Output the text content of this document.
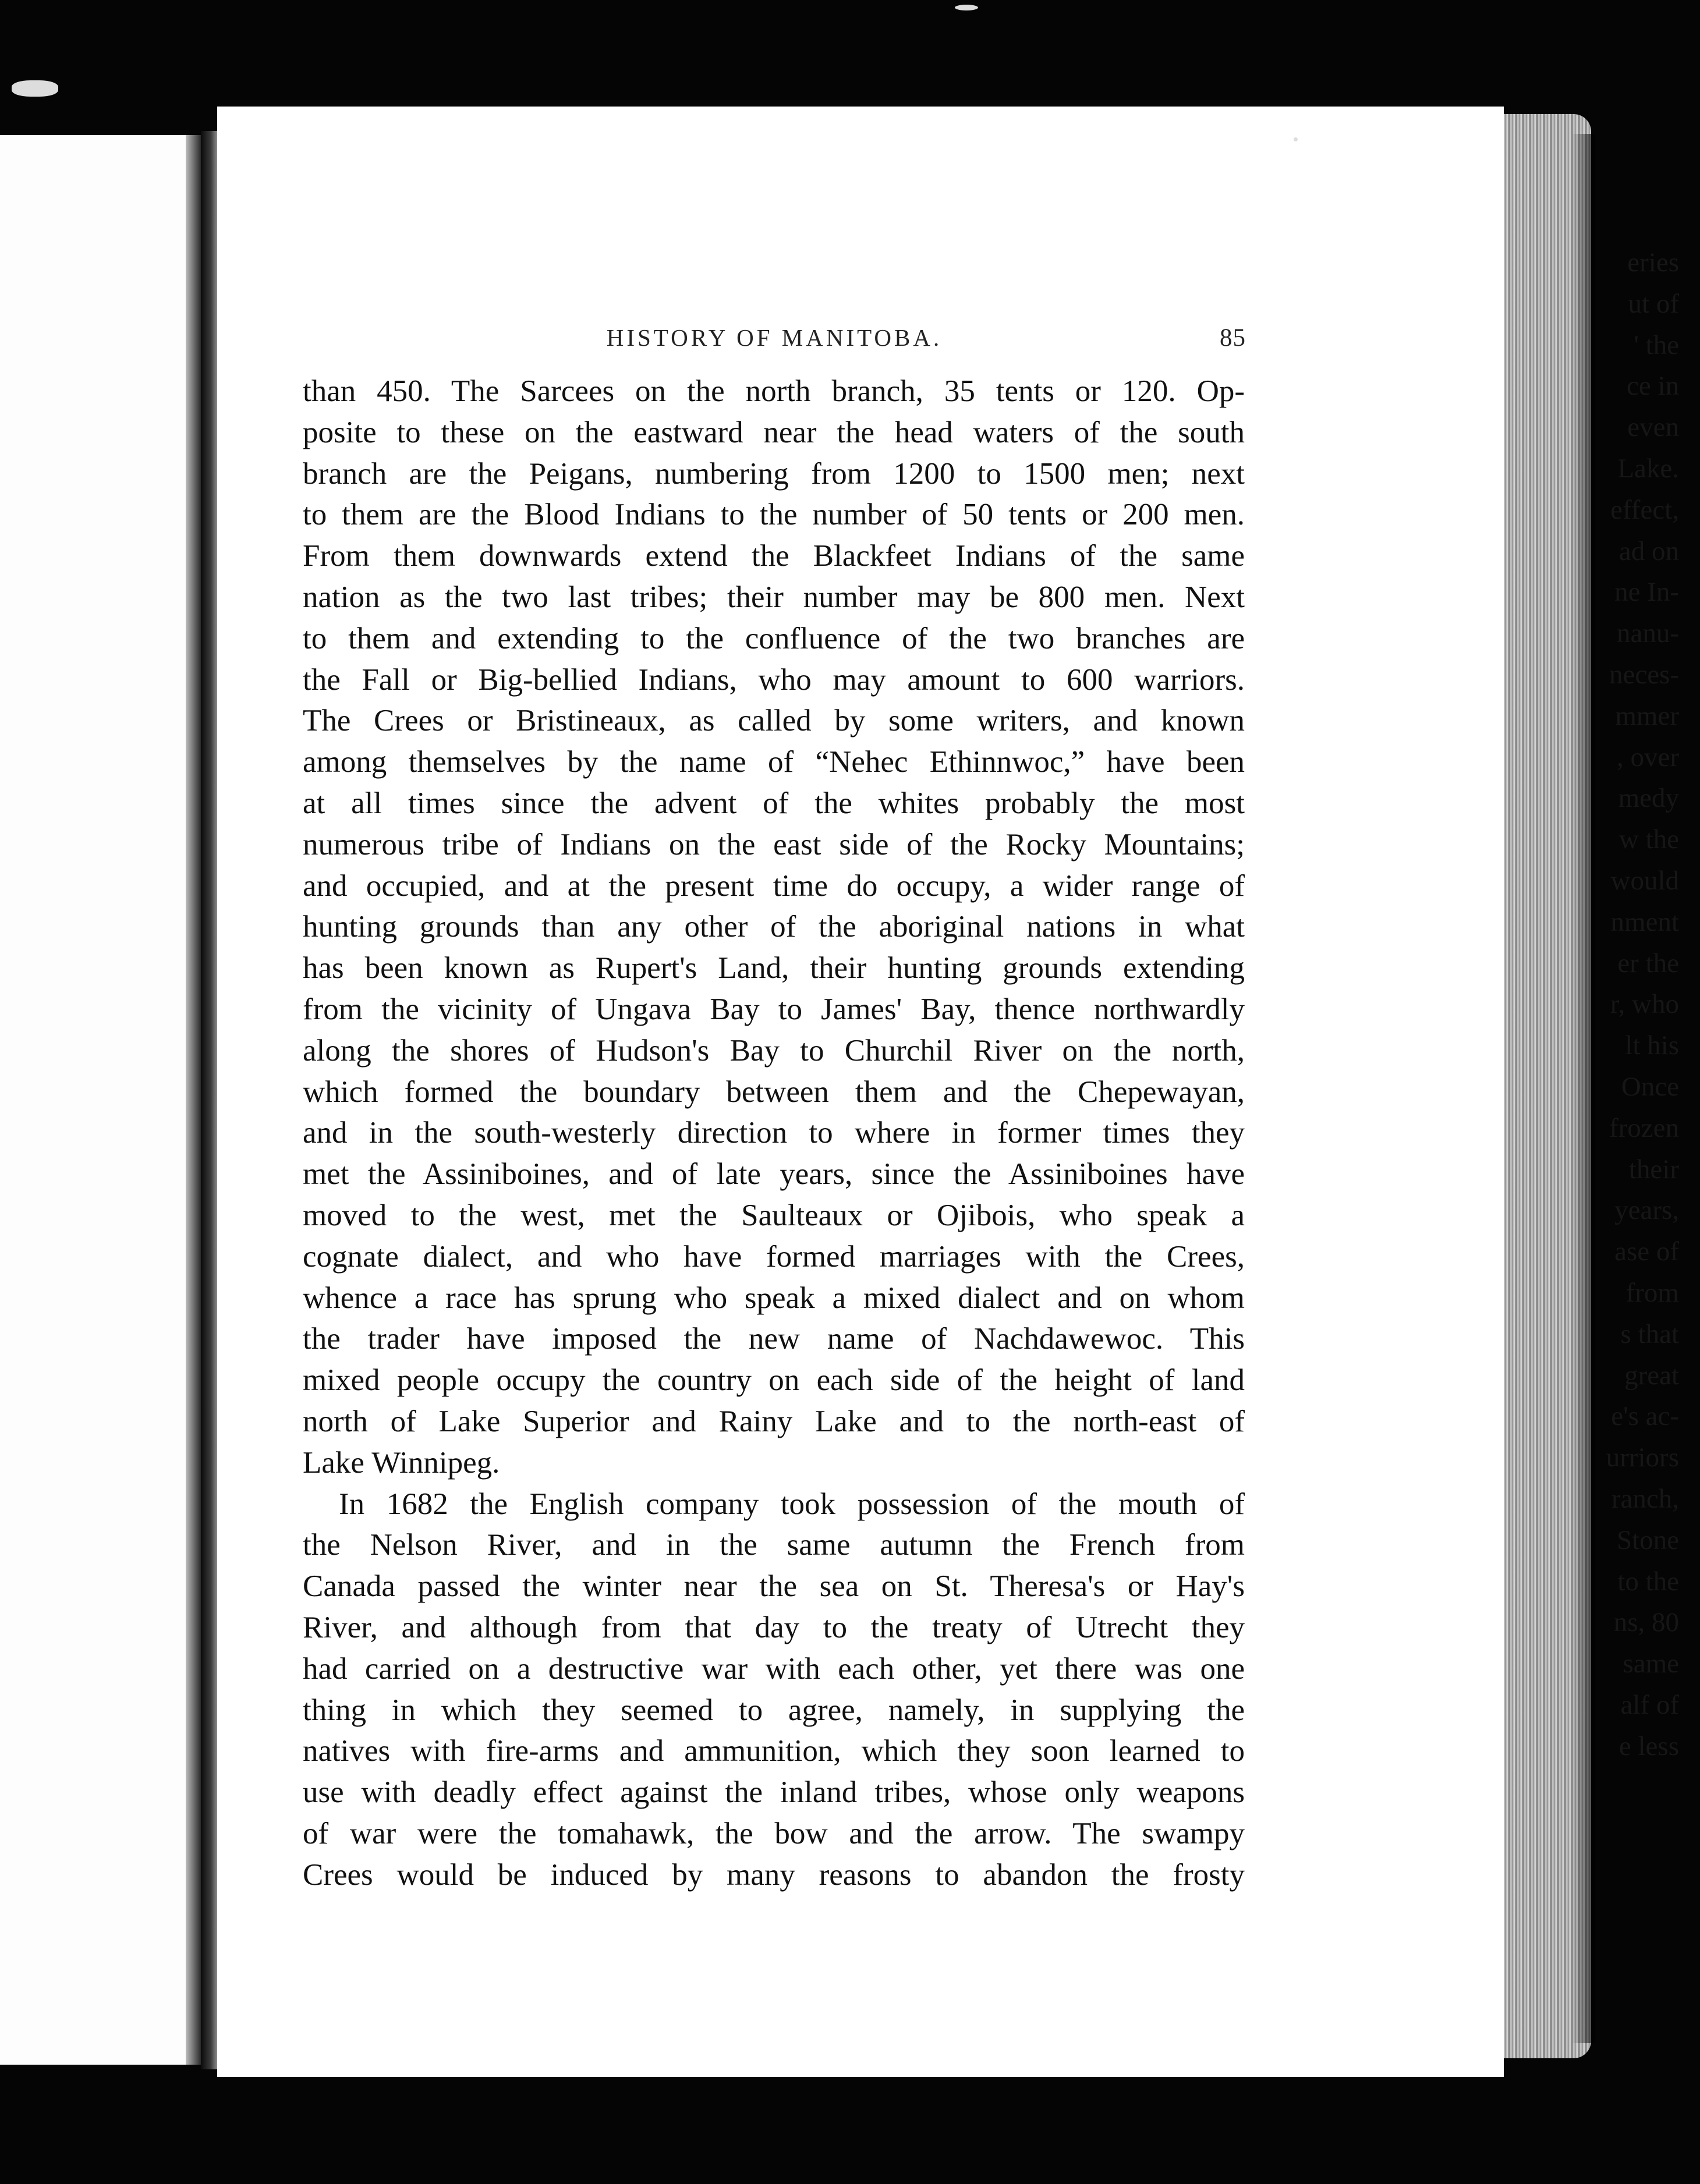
eries
ut of
' the
ce in
even
Lake.
effect,
ad on
ne In-
nanu-
neces-
mmer
, over
medy
w the
would
nment
er the
r, who
lt his
Once
frozen
their
years,
ase of
from
s that
great
e's ac-
urriors
ranch,
Stone
to the
ns, 80
same
alf of
e less
HISTORY OF MANITOBA.	85
than 450. The Sarcees on the north branch, 35 tents or 120. Op-
posite to these on the eastward near the head waters of the south
branch are the Peigans, numbering from 1200 to 1500 men; next
to them are the Blood Indians to the number of 50 tents or 200 men.
From them downwards extend the Blackfeet Indians of the same
nation as the two last tribes; their number may be 800 men. Next
to them and extending to the confluence of the two branches are
the Fall or Big-bellied Indians, who may amount to 600 warriors.
The Crees or Bristineaux, as called by some writers, and known
among themselves by the name of “Nehec Ethinnwoc,” have been
at all times since the advent of the whites probably the most
numerous tribe of Indians on the east side of the Rocky Mountains;
and occupied, and at the present time do occupy, a wider range of
hunting grounds than any other of the aboriginal nations in what
has been known as Rupert's Land, their hunting grounds extending
from the vicinity of Ungava Bay to James' Bay, thence northwardly
along the shores of Hudson's Bay to Churchil River on the north,
which formed the boundary between them and the Chepewayan,
and in the south-westerly direction to where in former times they
met the Assiniboines, and of late years, since the Assiniboines have
moved to the west, met the Saulteaux or Ojibois, who speak a
cognate dialect, and who have formed marriages with the Crees,
whence a race has sprung who speak a mixed dialect and on whom
the trader have imposed the new name of Nachdawewoc. This
mixed people occupy the country on each side of the height of land
north of Lake Superior and Rainy Lake and to the north-east of
Lake Winnipeg.
In 1682 the English company took possession of the mouth of
the Nelson River, and in the same autumn the French from
Canada passed the winter near the sea on St. Theresa's or Hay's
River, and although from that day to the treaty of Utrecht they
had carried on a destructive war with each other, yet there was one
thing in which they seemed to agree, namely, in supplying the
natives with fire-arms and ammunition, which they soon learned to
use with deadly effect against the inland tribes, whose only weapons
of war were the tomahawk, the bow and the arrow. The swampy
Crees would be induced by many reasons to abandon the frosty
